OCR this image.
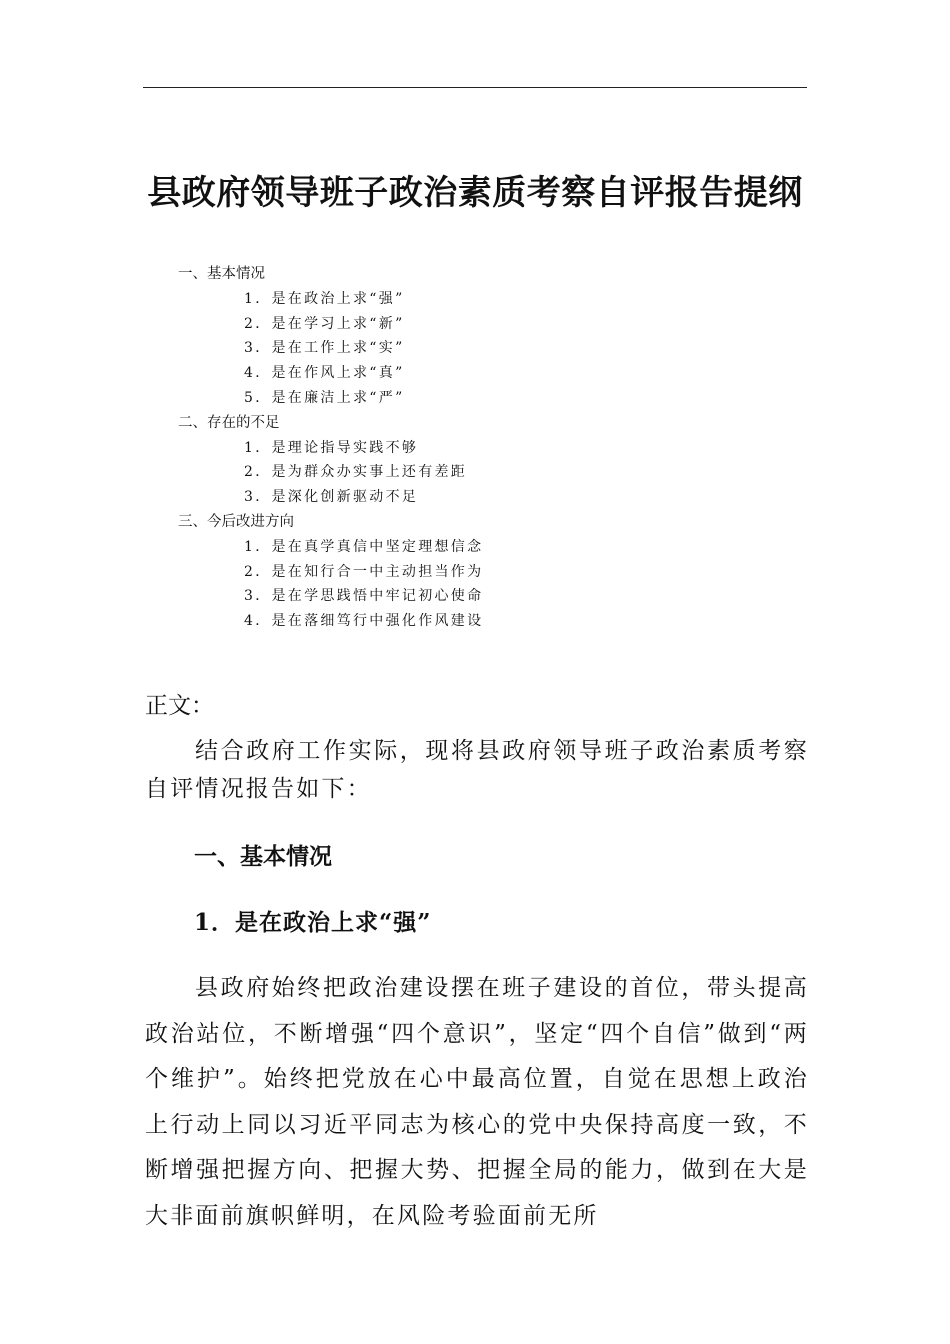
县政府领导班子政治素质考察自评报告提纲
一、基本情况
1．是在政治上求“强”
2．是在学习上求“新”
3．是在工作上求“实”
4．是在作风上求“真”
5．是在廉洁上求“严”
二、存在的不足
1．是理论指导实践不够
2．是为群众办实事上还有差距
3．是深化创新驱动不足
三、今后改进方向
1．是在真学真信中坚定理想信念
2．是在知行合一中主动担当作为
3．是在学思践悟中牢记初心使命
4．是在落细笃行中强化作风建设
正文：

结合政府工作实际，现将县政府领导班子政治素质考察自评情况报告如下：

一、基本情况
1．是在政治上求“强”

县政府始终把政治建设摆在班子建设的首位，带头提高政治站位，不断增强“四个意识”，坚定“四个自信”做到“两个维护”。始终把党放在心中最高位置，自觉在思想上政治上行动上同以习近平同志为核心的党中央保持高度一致，不断增强把握方向、把握大势、把握全局的能力，做到在大是大非面前旗帜鲜明，在风险考验面前无所
